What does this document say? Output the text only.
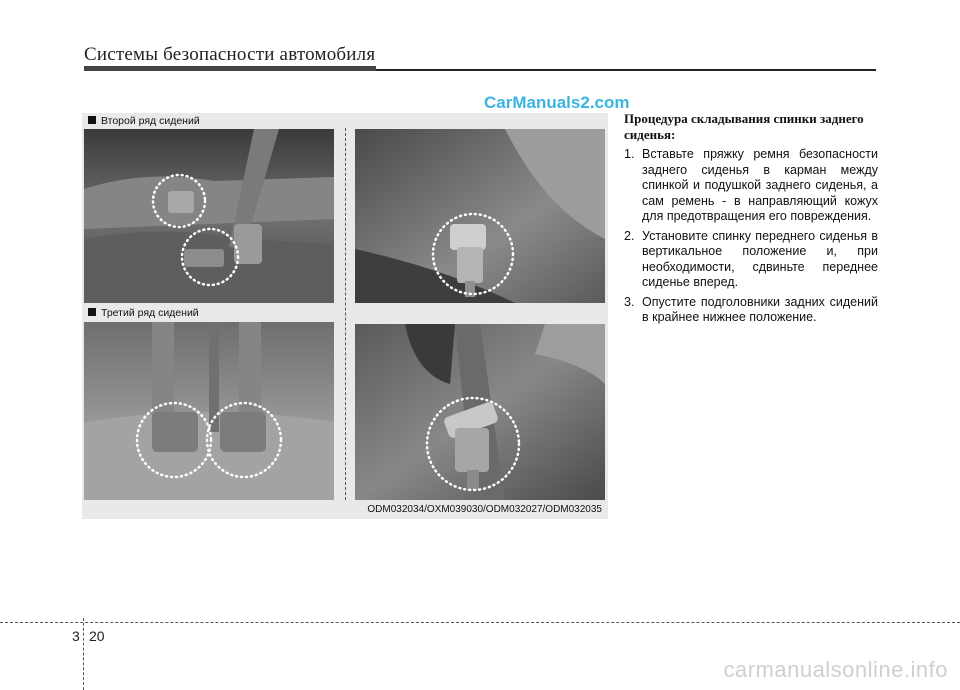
Системы безопасности автомобиля
CarManuals2.com
Второй ряд сидений
Третий ряд сидений
ODM032034/OXM039030/ODM032027/ODM032035

Процедура складывания спинки заднего сиденья:

1. Вставьте пряжку ремня безопасности заднего сиденья в карман между спинкой и подушкой заднего сиденья, а сам ремень - в направляющий кожух для предотвращения его повреждения.
2. Установите спинку переднего сиденья в вертикальное положение и, при необходимости, сдвиньте переднее сиденье вперед.
3. Опустите подголовники задних сидений в крайнее нижнее положение.
3 20
carmanualsonline.info
